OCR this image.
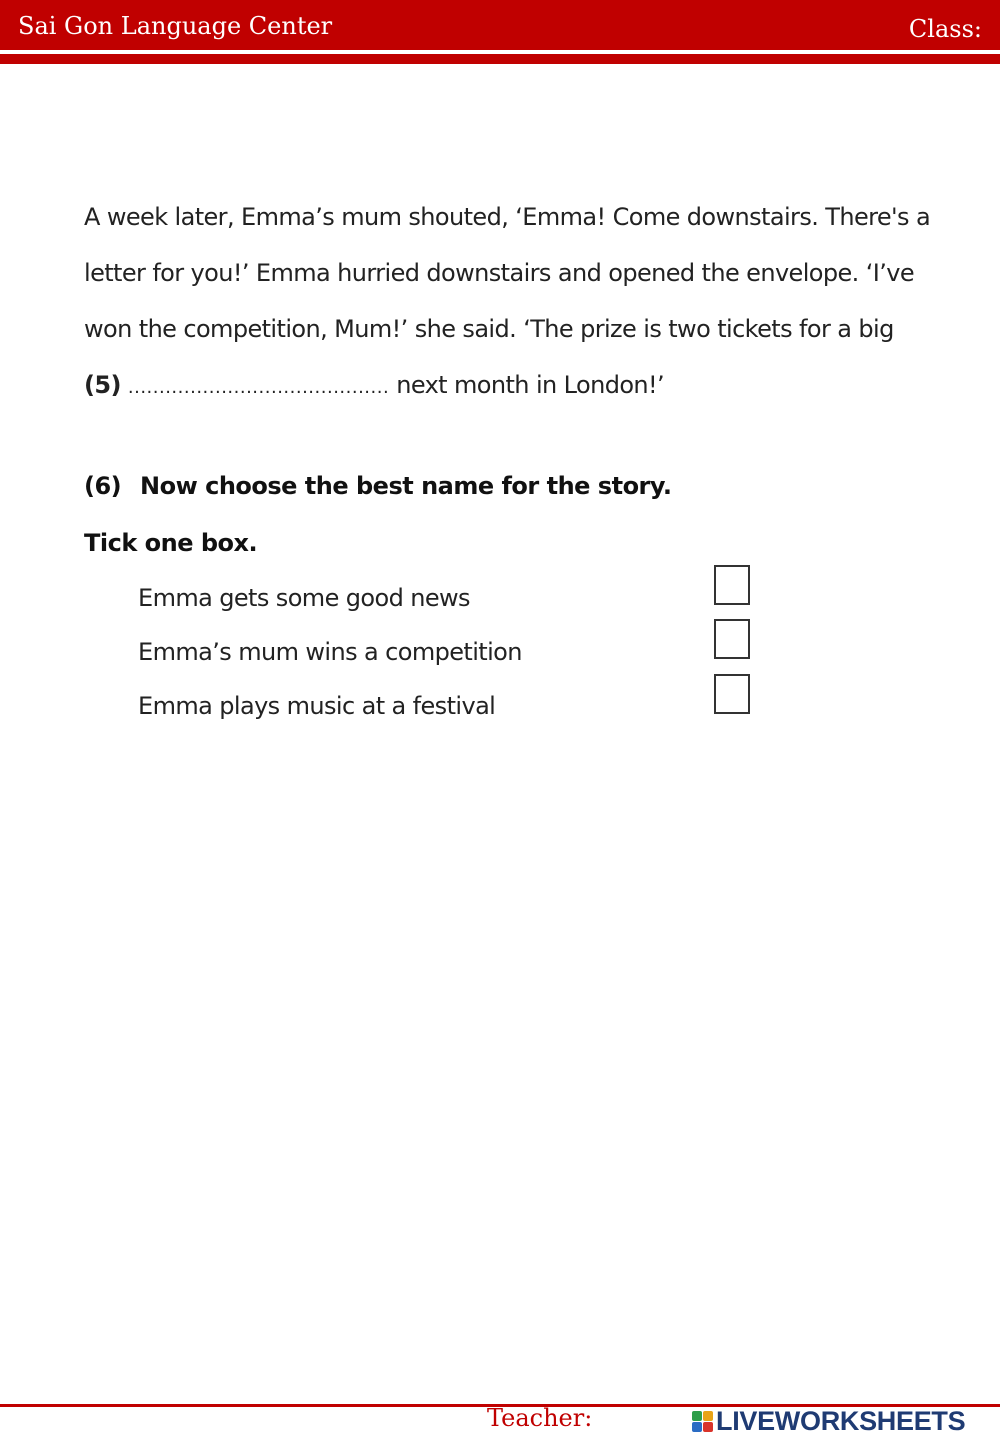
Sai Gon Language Center	Class:
A week later, Emma’s mum shouted, ‘Emma! Come downstairs. There's a
letter for you!’ Emma hurried downstairs and opened the envelope. ‘I’ve
won the competition, Mum!’ she said. ‘The prize is two tickets for a big
(5) .......................................... next month in London!’
(6) Now choose the best name for the story.
Tick one box.
Emma gets some good news
Emma’s mum wins a competition
Emma plays music at a festival
Teacher:	LIVEWORKSHEETS
